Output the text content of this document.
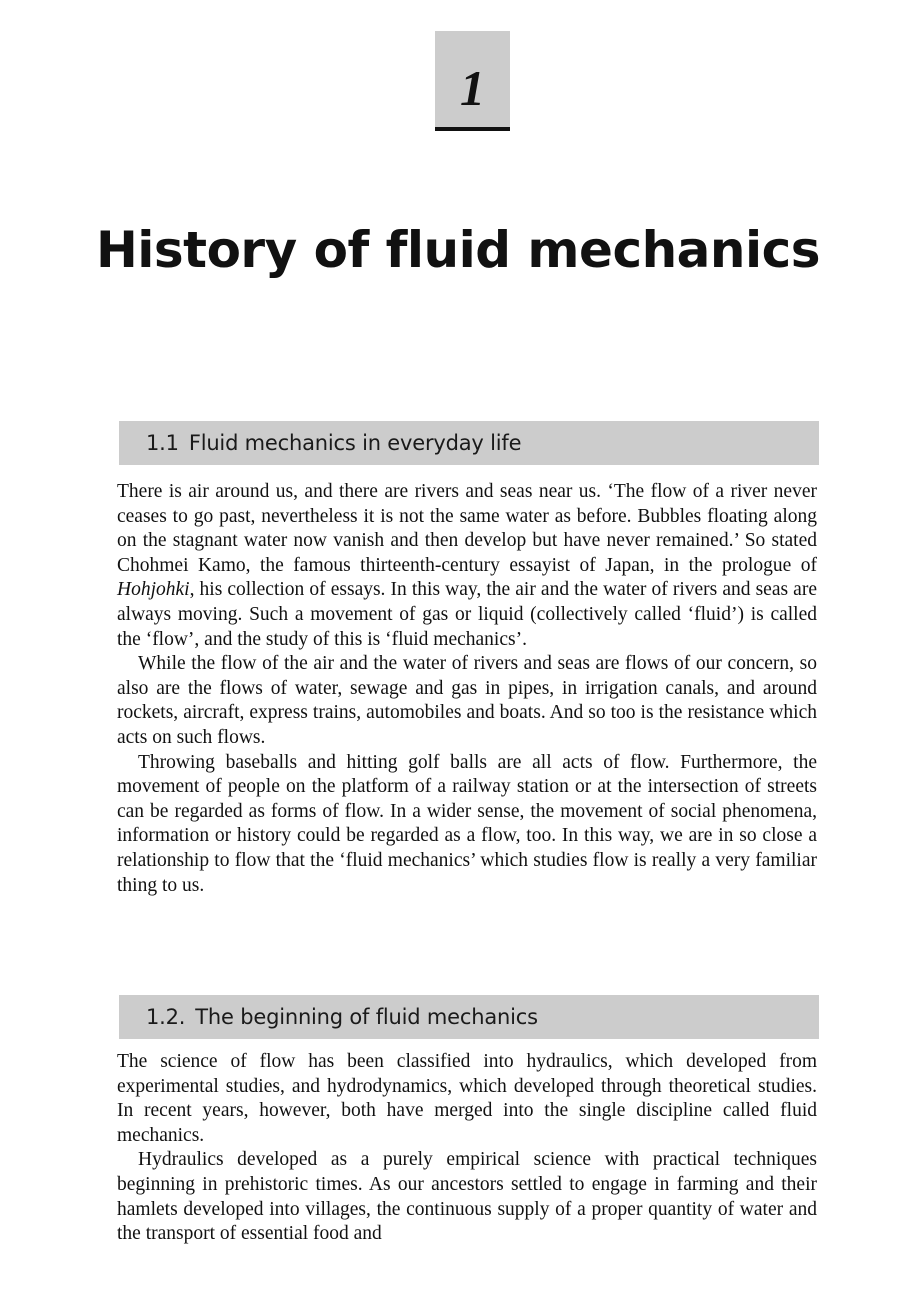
1
History of fluid mechanics
1.1 Fluid mechanics in everyday life

There is air around us, and there are rivers and seas near us. ‘The flow of a river never ceases to go past, nevertheless it is not the same water as before. Bubbles floating along on the stagnant water now vanish and then develop but have never remained.’ So stated Chohmei Kamo, the famous thirteenth-century essayist of Japan, in the prologue of Hohjohki, his collection of essays. In this way, the air and the water of rivers and seas are always moving. Such a movement of gas or liquid (collectively called ‘fluid’) is called the ‘flow’, and the study of this is ‘fluid mechanics’.

While the flow of the air and the water of rivers and seas are flows of our concern, so also are the flows of water, sewage and gas in pipes, in irrigation canals, and around rockets, aircraft, express trains, automobiles and boats. And so too is the resistance which acts on such flows.

Throwing baseballs and hitting golf balls are all acts of flow. Furthermore, the movement of people on the platform of a railway station or at the intersection of streets can be regarded as forms of flow. In a wider sense, the movement of social phenomena, information or history could be regarded as a flow, too. In this way, we are in so close a relationship to flow that the ‘fluid mechanics’ which studies flow is really a very familiar thing to us.

1.2. The beginning of fluid mechanics

The science of flow has been classified into hydraulics, which developed from experimental studies, and hydrodynamics, which developed through theoretical studies. In recent years, however, both have merged into the single discipline called fluid mechanics.

Hydraulics developed as a purely empirical science with practical techniques beginning in prehistoric times. As our ancestors settled to engage in farming and their hamlets developed into villages, the continuous supply of a proper quantity of water and the transport of essential food and
